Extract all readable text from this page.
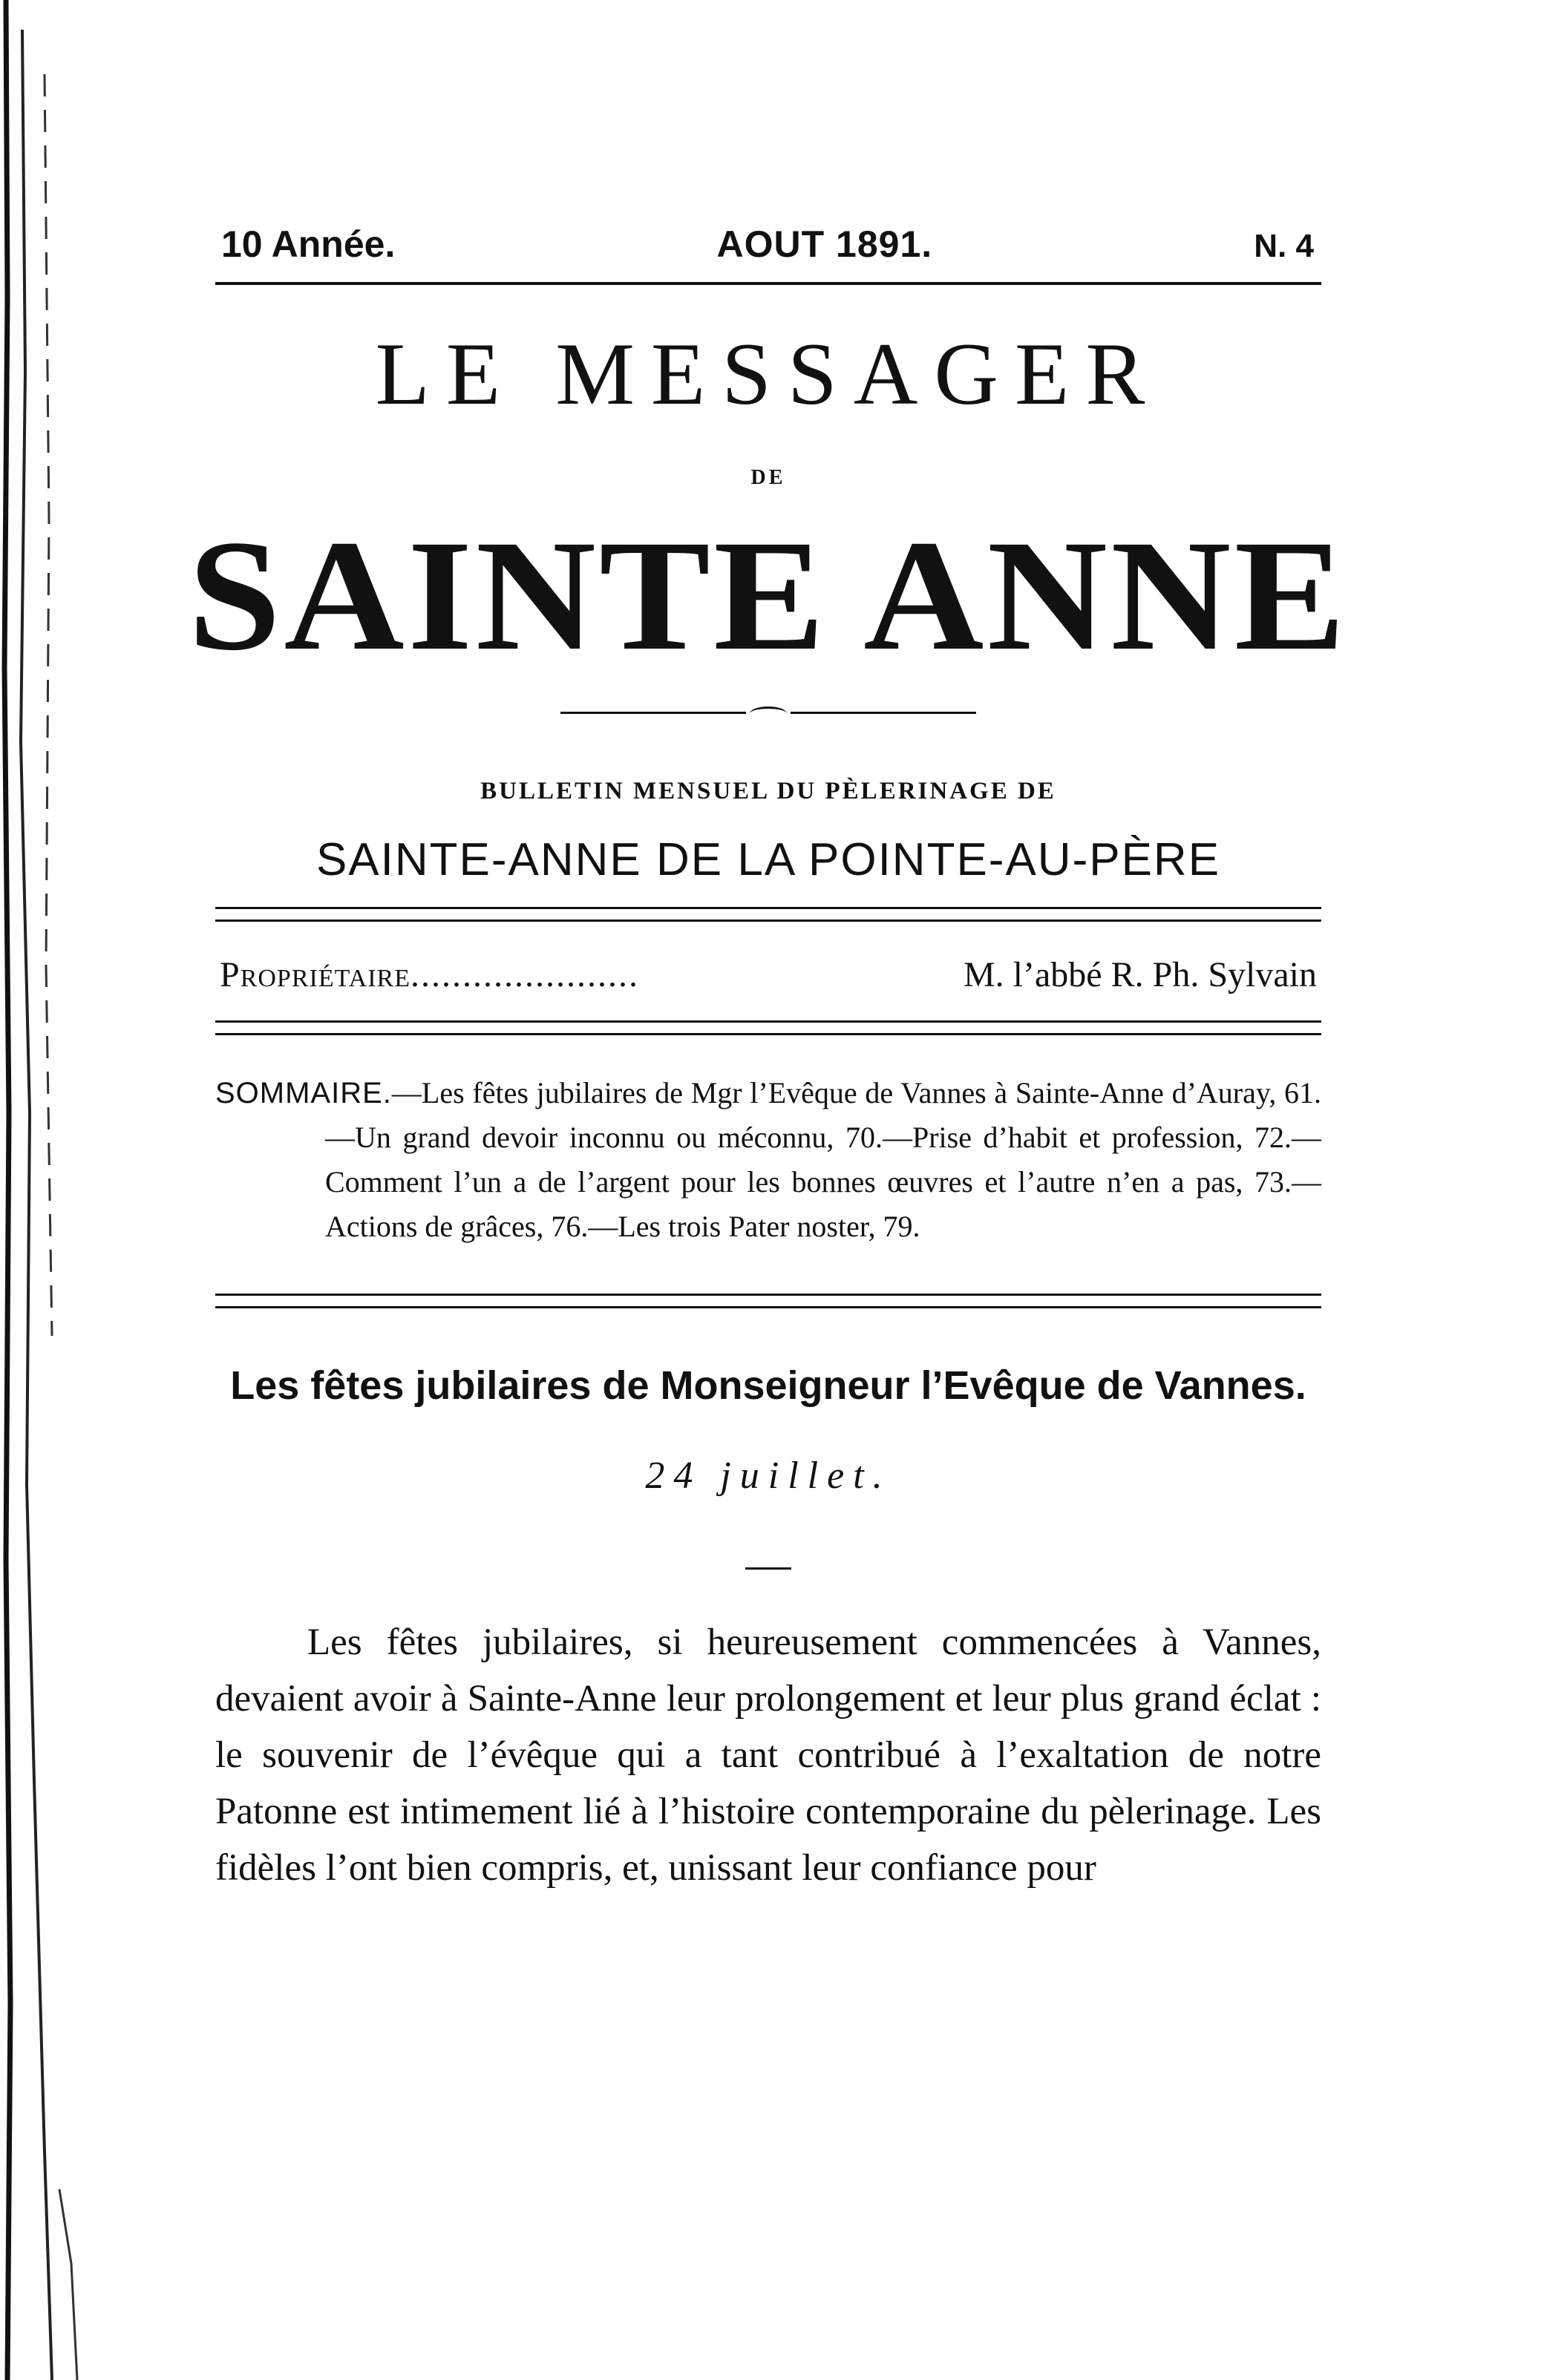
10 Année.	AOUT 1891.	N. 4
LE MESSAGER
DE
SAINTE ANNE
BULLETIN MENSUEL DU PÈLERINAGE DE
SAINTE-ANNE DE LA POINTE-AU-PÈRE
Propriétaire ......................	M. l’abbé R. Ph. Sylvain
SOMMAIRE.—Les fêtes jubilaires de Mgr l’Evêque de Vannes à Sainte-Anne d’Auray, 61.—Un grand devoir inconnu ou méconnu, 70.—Prise d’habit et profession, 72.—Comment l’un a de l’argent pour les bonnes œuvres et l’autre n’en a pas, 73.—Actions de grâces, 76.—Les trois Pater noster, 79.
Les fêtes jubilaires de Monseigneur l’Evêque de Vannes.
24 juillet.

Les fêtes jubilaires, si heureusement commencées à Vannes, devaient avoir à Sainte-Anne leur prolongement et leur plus grand éclat : le souvenir de l’évêque qui a tant contribué à l’exaltation de notre Patonne est intimement lié à l’histoire contemporaine du pèlerinage. Les fidèles l’ont bien compris, et, unissant leur confiance pour
